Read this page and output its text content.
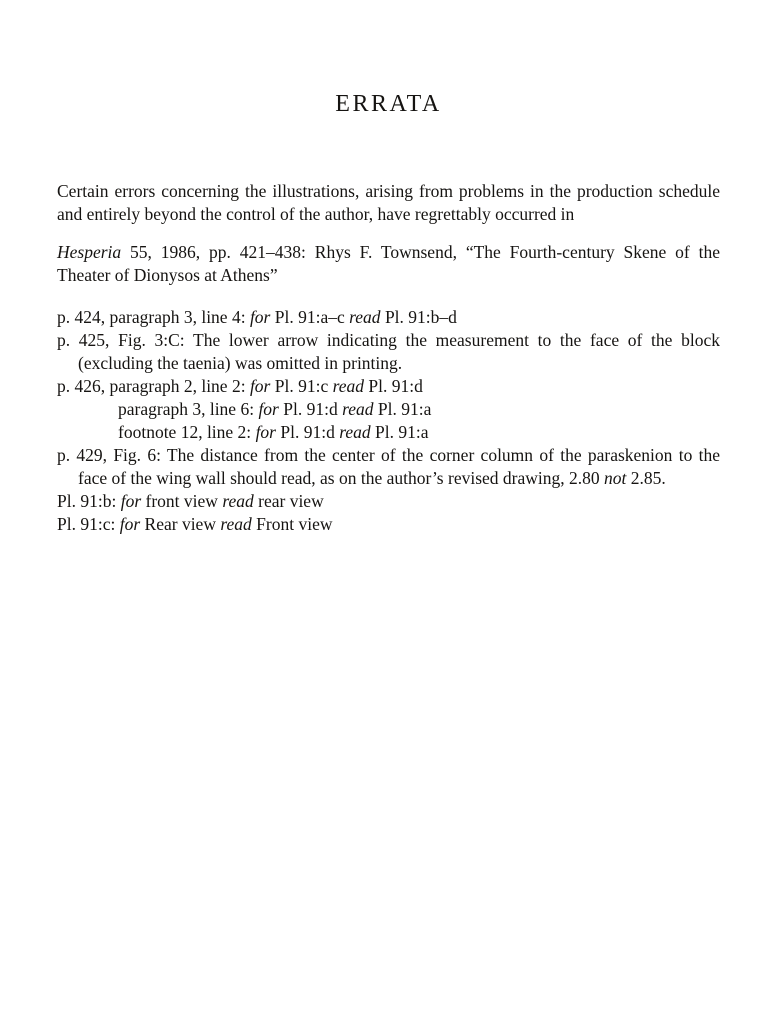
ERRATA

Certain errors concerning the illustrations, arising from problems in the production schedule and entirely beyond the control of the author, have regrettably occurred in

Hesperia 55, 1986, pp. 421–438: Rhys F. Townsend, “The Fourth-century Skene of the Theater of Dionysos at Athens”

p. 424, paragraph 3, line 4: for Pl. 91:a–c read Pl. 91:b–d
p. 425, Fig. 3:C: The lower arrow indicating the measurement to the face of the block (excluding the taenia) was omitted in printing.
p. 426, paragraph 2, line 2: for Pl. 91:c read Pl. 91:d
paragraph 3, line 6: for Pl. 91:d read Pl. 91:a
footnote 12, line 2: for Pl. 91:d read Pl. 91:a
p. 429, Fig. 6: The distance from the center of the corner column of the paraskenion to the face of the wing wall should read, as on the author’s revised drawing, 2.80 not 2.85.
Pl. 91:b: for front view read rear view
Pl. 91:c: for Rear view read Front view
